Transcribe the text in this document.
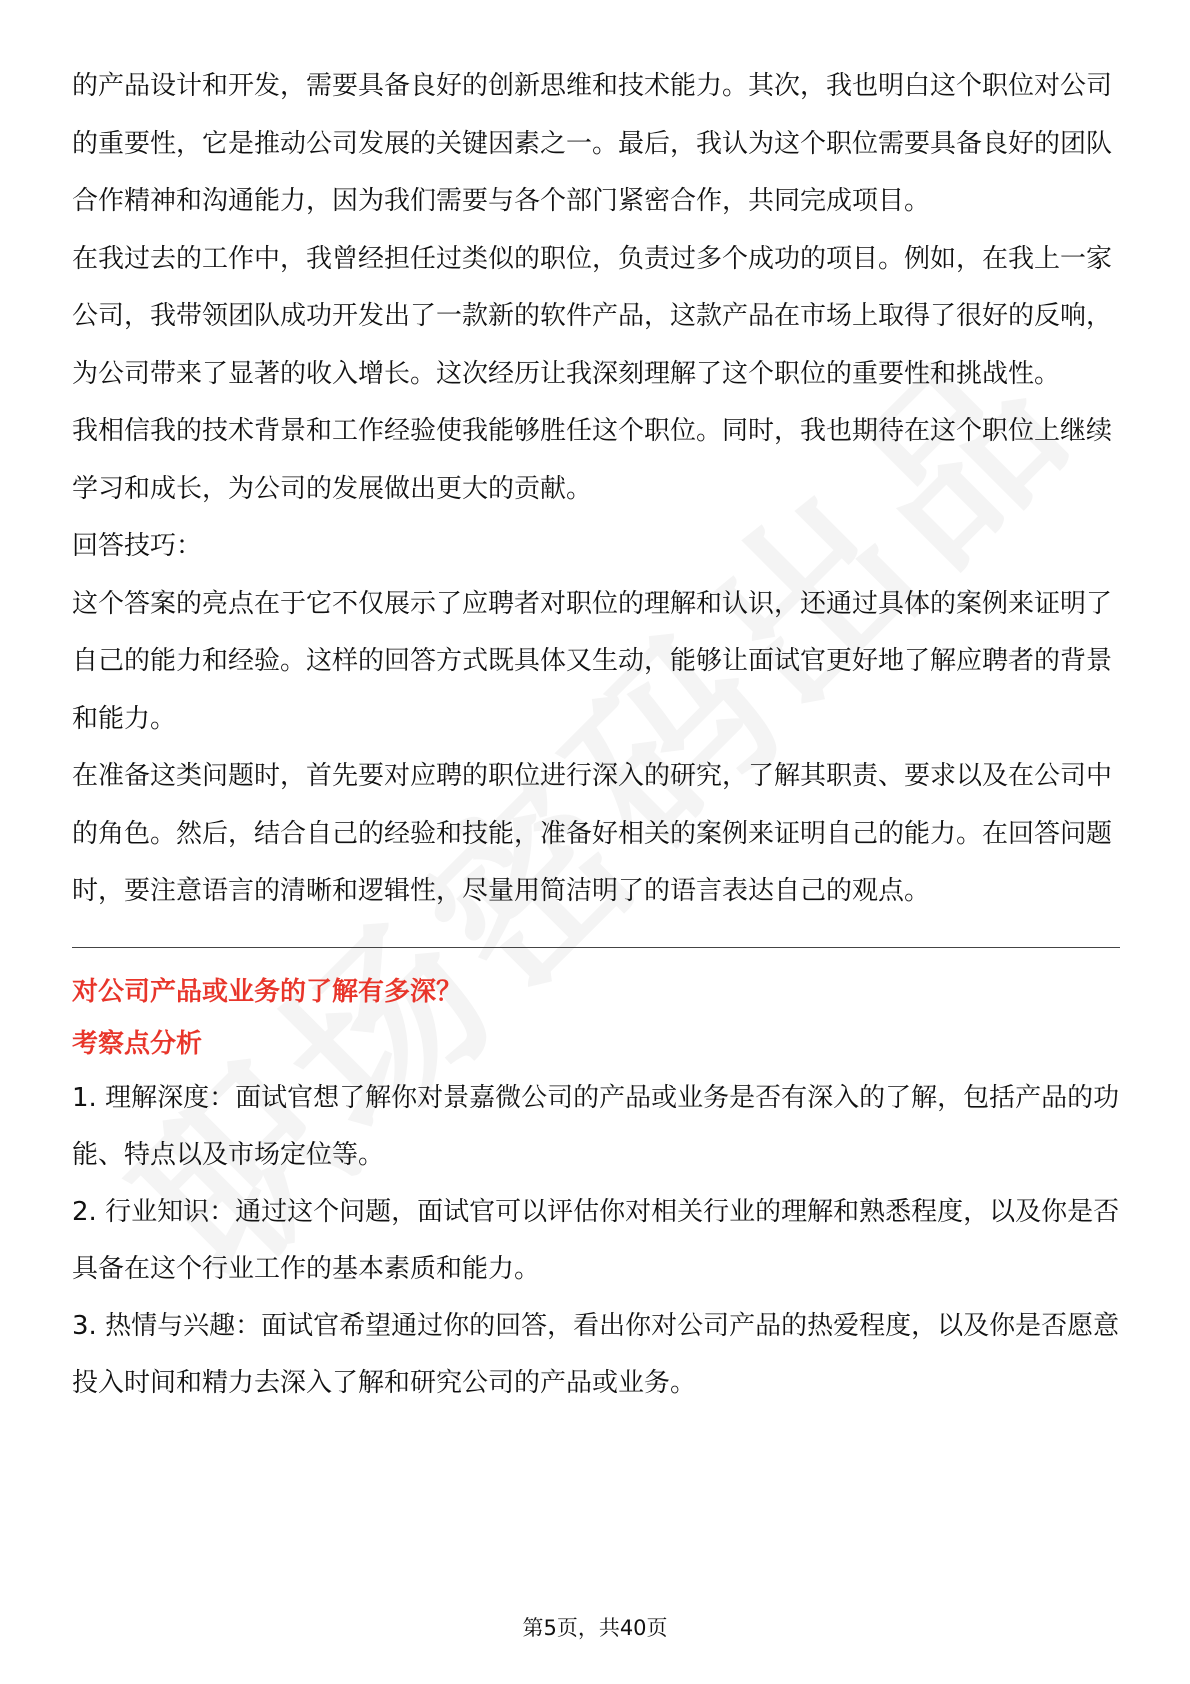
的产品设计和开发，需要具备良好的创新思维和技术能力。其次，我也明白这个职位对公司的重要性，它是推动公司发展的关键因素之一。最后，我认为这个职位需要具备良好的团队合作精神和沟通能力，因为我们需要与各个部门紧密合作，共同完成项目。

在我过去的工作中，我曾经担任过类似的职位，负责过多个成功的项目。例如，在我上一家公司，我带领团队成功开发出了一款新的软件产品，这款产品在市场上取得了很好的反响，为公司带来了显著的收入增长。这次经历让我深刻理解了这个职位的重要性和挑战性。

我相信我的技术背景和工作经验使我能够胜任这个职位。同时，我也期待在这个职位上继续学习和成长，为公司的发展做出更大的贡献。

回答技巧：

这个答案的亮点在于它不仅展示了应聘者对职位的理解和认识，还通过具体的案例来证明了自己的能力和经验。这样的回答方式既具体又生动，能够让面试官更好地了解应聘者的背景和能力。

在准备这类问题时，首先要对应聘的职位进行深入的研究，了解其职责、要求以及在公司中的角色。然后，结合自己的经验和技能，准备好相关的案例来证明自己的能力。在回答问题时，要注意语言的清晰和逻辑性，尽量用简洁明了的语言表达自己的观点。

对公司产品或业务的了解有多深？

考察点分析

1. 理解深度：面试官想了解你对景嘉微公司的产品或业务是否有深入的了解，包括产品的功能、特点以及市场定位等。

2. 行业知识：通过这个问题，面试官可以评估你对相关行业的理解和熟悉程度，以及你是否具备在这个行业工作的基本素质和能力。

3. 热情与兴趣：面试官希望通过你的回答，看出你对公司产品的热爱程度，以及你是否愿意投入时间和精力去深入了解和研究公司的产品或业务。

第5页，共40页
